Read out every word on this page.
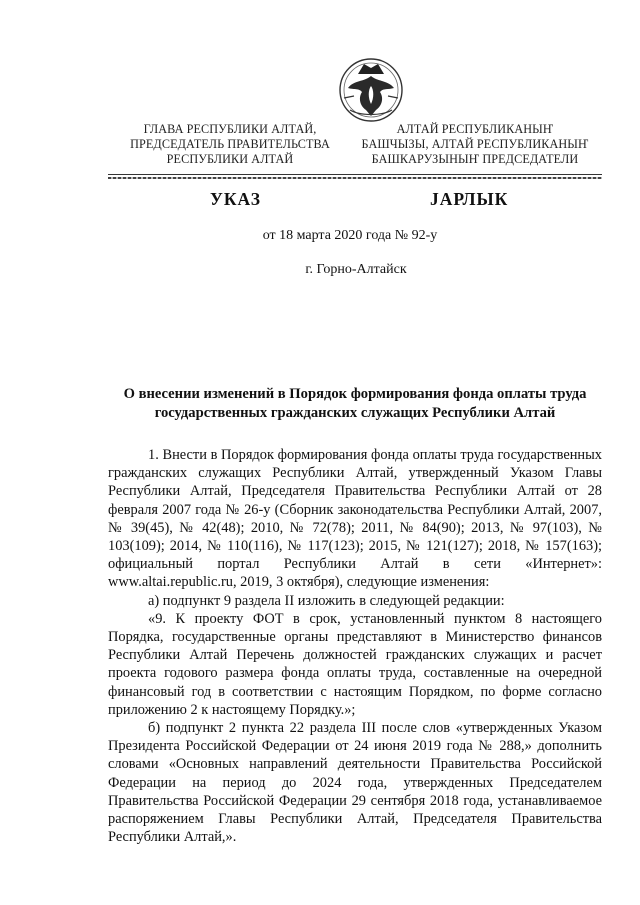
ГЛАВА РЕСПУБЛИКИ АЛТАЙ,
ПРЕДСЕДАТЕЛЬ ПРАВИТЕЛЬСТВА
РЕСПУБЛИКИ АЛТАЙ
АЛТАЙ РЕСПУБЛИКАНЫҤ
БАШЧЫЗЫ, АЛТАЙ РЕСПУБЛИКАНЫҤ
БАШКАРУЗЫНЫҤ ПРЕДСЕДАТЕЛИ
УКАЗ	ЈАРЛЫК
от 18 марта 2020 года № 92-у
г. Горно-Алтайск
О внесении изменений в Порядок формирования фонда оплаты труда
государственных гражданских служащих Республики Алтай

1. Внести в Порядок формирования фонда оплаты труда государственных гражданских служащих Республики Алтай, утвержденный Указом Главы Республики Алтай, Председателя Правительства Республики Алтай от 28 февраля 2007 года № 26-у (Сборник законодательства Республики Алтай, 2007, № 39(45), № 42(48); 2010, № 72(78); 2011, № 84(90); 2013, № 97(103), № 103(109); 2014, № 110(116), № 117(123); 2015, № 121(127); 2018, № 157(163); официальный портал Республики Алтай в сети «Интернет»: www.altai.republic.ru, 2019, 3 октября), следующие изменения:

а) подпункт 9 раздела II изложить в следующей редакции:

«9. К проекту ФОТ в срок, установленный пунктом 8 настоящего Порядка, государственные органы представляют в Министерство финансов Республики Алтай Перечень должностей гражданских служащих и расчет проекта годового размера фонда оплаты труда, составленные на очередной финансовый год в соответствии с настоящим Порядком, по форме согласно приложению 2 к настоящему Порядку.»;

б) подпункт 2 пункта 22 раздела III после слов «утвержденных Указом Президента Российской Федерации от 24 июня 2019 года № 288,» дополнить словами «Основных направлений деятельности Правительства Российской Федерации на период до 2024 года, утвержденных Председателем Правительства Российской Федерации 29 сентября 2018 года, устанавливаемое распоряжением Главы Республики Алтай, Председателя Правительства Республики Алтай,».
